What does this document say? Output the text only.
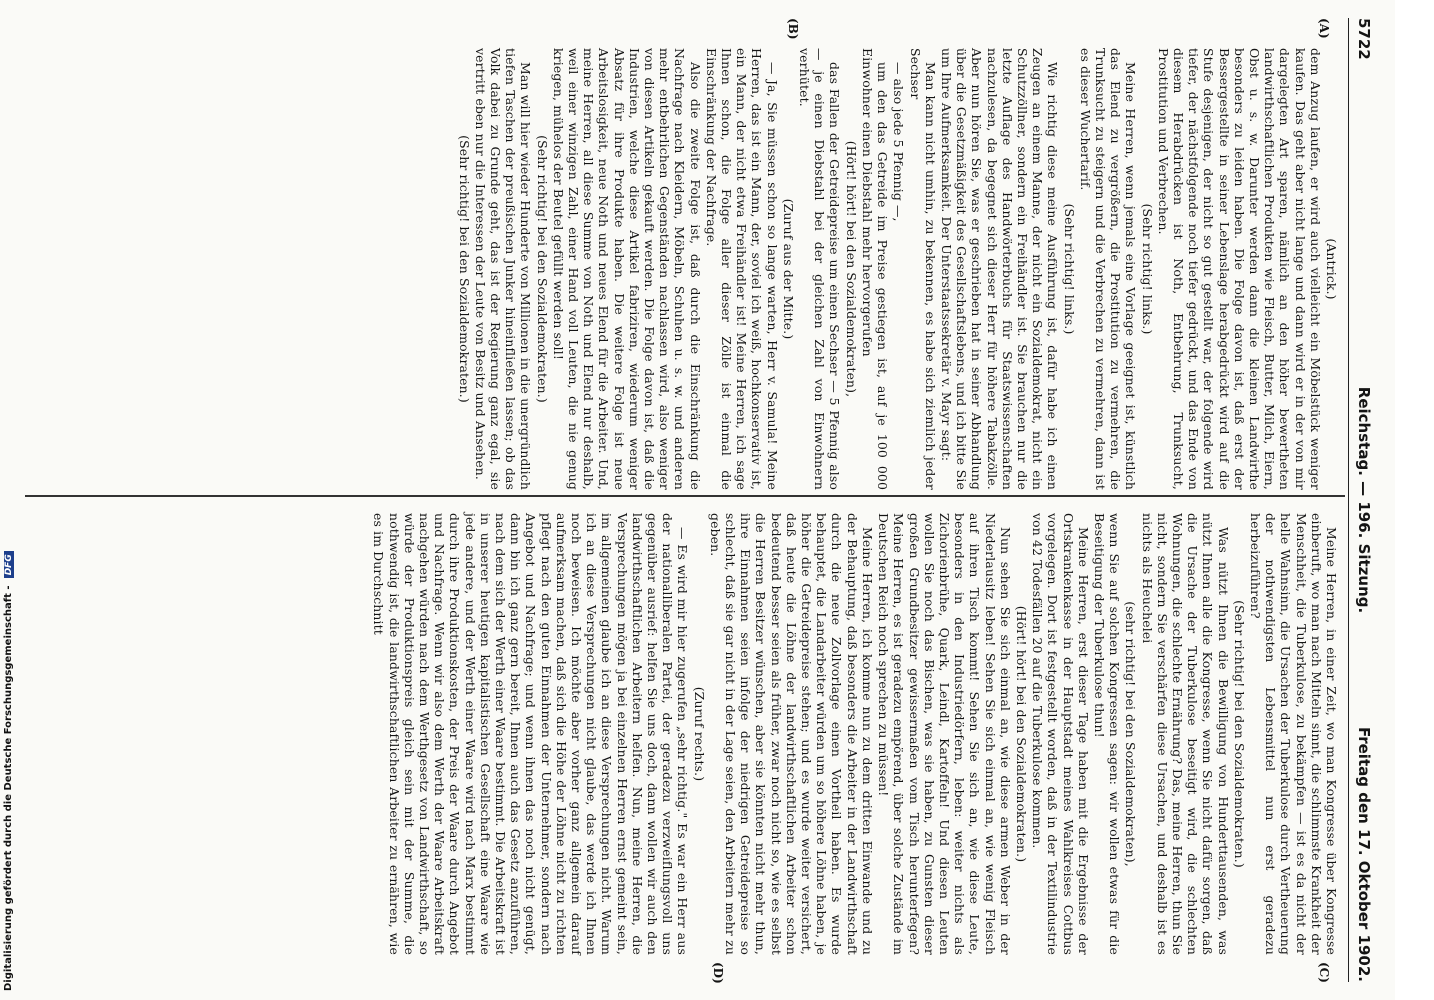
5722
Reichstag. — 196. Sitzung.
Freitag den 17. Oktober 1902.
(A)
(B)
(C)
(D)

(Antrick.)

dem Anzug laufen, er wird auch vielleicht ein Möbelstück weniger kaufen. Das geht aber nicht lange und dann wird er in der von mir dargelegten Art sparen, nämlich an den höher bewertheten landwirthschaftlichen Produkten wie Fleisch, Butter, Milch, Eiern, Obst u. s. w. Darunter werden dann die kleinen Landwirthe besonders zu leiden haben. Die Folge davon ist, daß erst der Bessergestellte in seiner Lebenslage herabgedrückt wird auf die Stufe desjenigen, der nicht so gut gestellt war, der folgende wird tiefer, der nächstfolgende noch tiefer gedrückt, und das Ende von diesem Herabdrücken ist Noth, Entbehrung, Trunksucht, Prostitution und Verbrechen.

(Sehr richtig! links.)

Meine Herren, wenn jemals eine Vorlage geeignet ist, künstlich das Elend zu vergrößern, die Prostitution zu vermehren, die Trunksucht zu steigern und die Verbrechen zu vermehren, dann ist es dieser Wuchertarif.

(Sehr richtig! links.)

Wie richtig diese meine Ausführung ist, dafür habe ich einen Zeugen an einem Manne, der nicht ein Sozialdemokrat, nicht ein Schutzzöllner, sondern ein Freihändler ist. Sie brauchen nur die letzte Auflage des Handwörterbuchs für Staatswissenschaften nachzulesen, da begegnet sich dieser Herr für höhere Tabakzölle. Aber nun hören Sie, was er geschrieben hat in seiner Abhandlung über die Gesetzmäßigkeit des Gesellschaftslebens, und ich bitte Sie um Ihre Aufmerksamkeit. Der Unterstaatssekretär v. Mayr sagt:

Man kann nicht umhin, zu bekennen, es habe sich ziemlich jeder Sechser

— also jede 5 Pfennig —,

um den das Getreide im Preise gestiegen ist, auf je 100 000 Einwohner einen Diebstahl mehr hervorgerufen

(Hört! hört! bei den Sozialdemokraten),

das Fallen der Getreidepreise um einen Sechser — 5 Pfennig also — je einen Diebstahl bei der gleichen Zahl von Einwohnern verhütet.

(Zuruf aus der Mitte.)

— Ja, Sie müssen schon so lange warten, Herr v. Samula! Meine Herren, das ist ein Mann, der, soviel ich weiß, hochkonservativ ist, ein Mann, der nicht etwa Freihändler ist! Meine Herren, ich sage Ihnen schon, die Folge aller dieser Zölle ist einmal die Einschränkung der Nachfrage.

Also die zweite Folge ist, daß durch die Einschränkung die Nachfrage nach Kleidern, Möbeln, Schuhen u. s. w. und anderen mehr entbehrlichen Gegenständen nachlassen wird, also weniger von diesen Artikeln gekauft werden. Die Folge davon ist, daß die Industrien, welche diese Artikel fabriziren, wiederum weniger Absatz für ihre Produkte haben. Die weitere Folge ist neue Arbeitslosigkeit, neue Noth und neues Elend für die Arbeiter. Und, meine Herren, all diese Summe von Noth und Elend nur deshalb, weil einer winzigen Zahl, einer Hand voll Leuten, die nie genug kriegen, mühelos der Beutel gefüllt werden soll!

(Sehr richtig! bei den Sozialdemokraten.)

Man will hier wieder Hunderte von Millionen in die unergründlich tiefen Taschen der preußischen Junker hineinfließen lassen; ob das Volk dabei zu Grunde geht, das ist der Regierung ganz egal, sie vertritt eben nur die Interessen der Leute von Besitz und Ansehen.

(Sehr richtig! bei den Sozialdemokraten.)

Meine Herren, in einer Zeit, wo man Kongresse über Kongresse einberuft, wo man nach Mitteln sinnt, die schlimmste Krankheit der Menschheit, die Tuberkulose, zu bekämpfen — ist es da nicht der helle Wahnsinn, die Ursachen der Tuberkulose durch Vertheuerung der nothwendigsten Lebensmittel nun erst geradezu herbeizuführen?

(Sehr richtig! bei den Sozialdemokraten.)

Was nützt Ihnen die Bewilligung von Hunderttausenden, was nützt Ihnen alle die Kongresse, wenn Sie nicht dafür sorgen, daß die Ursache der Tuberkulose beseitigt wird, die schlechten Wohnungen, die schlechte Ernährung? Das, meine Herren, thun Sie nicht, sondern Sie verschärfen diese Ursachen, und deshalb ist es nichts als Heuchelei

(sehr richtig! bei den Sozialdemokraten),

wenn Sie auf solchen Kongressen sagen: wir wollen etwas für die Beseitigung der Tuberkulose thun!

Meine Herren, erst dieser Tage haben mit die Ergebnisse der Ortskrankenkasse in der Hauptstadt meines Wahlkreises Cottbus vorgelegen. Dort ist festgestellt worden, daß in der Textilindustrie von 42 Todesfällen 20 auf die Tuberkulose kommen.

(Hört! hört! bei den Sozialdemokraten.)

Nun sehen Sie sich einmal an, wie diese armen Weber in der Niederlausitz leben! Sehen Sie sich einmal an, wie wenig Fleisch auf ihren Tisch kommt! Sehen Sie sich an, wie diese Leute, besonders in den Industriedörfern, leben: weiter nichts als Zichorienbrühe, Quark, Leindl, Kartoffeln! Und diesen Leuten wollen Sie noch das Bischen, was sie haben, zu Gunsten dieser großen Grundbesitzer gewissermaßen vom Tisch herunterfegen? Meine Herren, es ist geradezu empörend, über solche Zustände im Deutschen Reich noch sprechen zu müssen!

Meine Herren, ich komme nun zu dem dritten Einwande und zu der Behauptung, daß besonders die Arbeiter in der Landwirthschaft durch die neue Zollvorlage einen Vortheil haben. Es wurde behauptet, die Landarbeiter würden um so höhere Löhne haben, je höher die Getreidepreise stehen; und es wurde weiter versichert, daß heute die Löhne der landwirthschaftlichen Arbeiter schon bedeutend besser seien als früher, zwar noch nicht so, wie es selbst die Herren Besitzer wünschen, aber sie könnten nicht mehr thun, ihre Einnahmen seien infolge der niedrigen Getreidepreise so schlecht, daß sie gar nicht in der Lage seien, den Arbeitern mehr zu geben.

(Zuruf rechts.)

— Es wird mir hier zugerufen „sehr richtig." Es war ein Herr aus der nationalliberalen Partei, der geradezu verzweiflungsvoll uns gegenüber ausrief: helfen Sie uns doch, dann wollen wir auch den landwirthschaftlichen Arbeitern helfen. Nun, meine Herren, die Versprechungen mögen ja bei einzelnen Herren ernst gemeint sein, im allgemeinen glaube ich an diese Versprechungen nicht. Warum ich an diese Versprechungen nicht glaube, das werde ich Ihnen noch beweisen. Ich möchte aber vorher ganz allgemein darauf aufmerksam machen, daß sich die Höhe der Löhne nicht zu richten pflegt nach den guten Einnahmen der Unternehmer, sondern nach Angebot und Nachfrage; und wenn ihnen das noch nicht genügt, dann bin ich ganz gern bereit, Ihnen auch das Gesetz anzuführen, nach dem sich der Werth einer Waare bestimmt. Die Arbeitskraft ist in unserer heutigen kapitalistischen Gesellschaft eine Waare wie jede andere, und der Werth einer Waare wird nach Marx bestimmt durch ihre Produktionskosten, der Preis der Waare durch Angebot und Nachfrage. Wenn wir also dem Werth der Waare Arbeitskraft nachgehen würden nach dem Werthgesetz von Landwirthschaft, so würde der Produktionspreis gleich sein mit der Summe, die nothwendig ist, die landwirthschaftlichen Arbeiter zu ernähren, wie es im Durchschnitt

Digitalisierung gefördert durch die Deutsche Forschungsgemeinschaft - DFG
